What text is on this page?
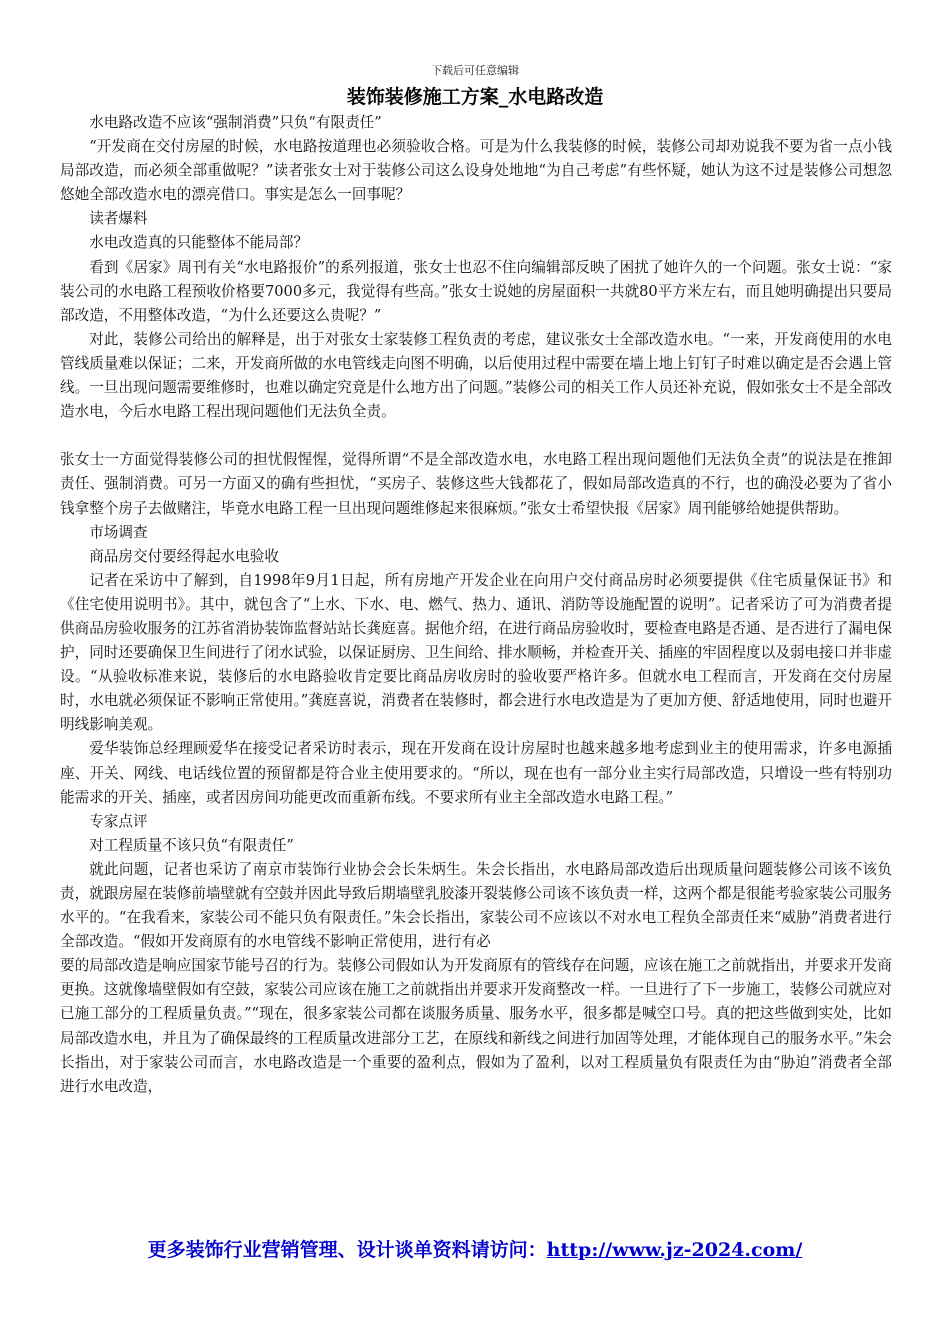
下载后可任意编辑
装饰装修施工方案_水电路改造

水电路改造不应该“强制消费”只负“有限责任”

“开发商在交付房屋的时候，水电路按道理也必须验收合格。可是为什么我装修的时候，装修公司却劝说我不要为省一点小钱局部改造，而必须全部重做呢？”读者张女士对于装修公司这么设身处地地“为自己考虑”有些怀疑，她认为这不过是装修公司想忽悠她全部改造水电的漂亮借口。事实是怎么一回事呢？

读者爆料

水电改造真的只能整体不能局部？

看到《居家》周刊有关“水电路报价”的系列报道，张女士也忍不住向编辑部反映了困扰了她许久的一个问题。张女士说：“家装公司的水电路工程预收价格要7000多元，我觉得有些高。”张女士说她的房屋面积一共就80平方米左右，而且她明确提出只要局部改造，不用整体改造，“为什么还要这么贵呢？”

对此，装修公司给出的解释是，出于对张女士家装修工程负责的考虑，建议张女士全部改造水电。“一来，开发商使用的水电管线质量难以保证；二来，开发商所做的水电管线走向图不明确，以后使用过程中需要在墙上地上钉钉子时难以确定是否会遇上管线。一旦出现问题需要维修时，也难以确定究竟是什么地方出了问题。”装修公司的相关工作人员还补充说，假如张女士不是全部改造水电，今后水电路工程出现问题他们无法负全责。

张女士一方面觉得装修公司的担忧假惺惺，觉得所谓“不是全部改造水电，水电路工程出现问题他们无法负全责”的说法是在推卸责任、强制消费。可另一方面又的确有些担忧，“买房子、装修这些大钱都花了，假如局部改造真的不行，也的确没必要为了省小钱拿整个房子去做赌注，毕竟水电路工程一旦出现问题维修起来很麻烦。”张女士希望快报《居家》周刊能够给她提供帮助。

市场调查

商品房交付要经得起水电验收

记者在采访中了解到，自1998年9月1日起，所有房地产开发企业在向用户交付商品房时必须要提供《住宅质量保证书》和《住宅使用说明书》。其中，就包含了“上水、下水、电、燃气、热力、通讯、消防等设施配置的说明”。记者采访了可为消费者提供商品房验收服务的江苏省消协装饰监督站站长龚庭喜。据他介绍，在进行商品房验收时，要检查电路是否通、是否进行了漏电保护，同时还要确保卫生间进行了闭水试验，以保证厨房、卫生间给、排水顺畅，并检查开关、插座的牢固程度以及弱电接口并非虚设。“从验收标准来说，装修后的水电路验收肯定要比商品房收房时的验收要严格许多。但就水电工程而言，开发商在交付房屋时，水电就必须保证不影响正常使用。”龚庭喜说，消费者在装修时，都会进行水电改造是为了更加方便、舒适地使用，同时也避开明线影响美观。

爱华装饰总经理顾爱华在接受记者采访时表示，现在开发商在设计房屋时也越来越多地考虑到业主的使用需求，许多电源插座、开关、网线、电话线位置的预留都是符合业主使用要求的。“所以，现在也有一部分业主实行局部改造，只增设一些有特别功能需求的开关、插座，或者因房间功能更改而重新布线。不要求所有业主全部改造水电路工程。”

专家点评

对工程质量不该只负“有限责任”

就此问题，记者也采访了南京市装饰行业协会会长朱炳生。朱会长指出，水电路局部改造后出现质量问题装修公司该不该负责，就跟房屋在装修前墙壁就有空鼓并因此导致后期墙壁乳胶漆开裂装修公司该不该负责一样，这两个都是很能考验家装公司服务水平的。“在我看来，家装公司不能只负有限责任。”朱会长指出，家装公司不应该以不对水电工程负全部责任来“威胁”消费者进行全部改造。“假如开发商原有的水电管线不影响正常使用，进行有必

要的局部改造是响应国家节能号召的行为。装修公司假如认为开发商原有的管线存在问题，应该在施工之前就指出，并要求开发商更换。这就像墙壁假如有空鼓，家装公司应该在施工之前就指出并要求开发商整改一样。一旦进行了下一步施工，装修公司就应对已施工部分的工程质量负责。”“现在，很多家装公司都在谈服务质量、服务水平，很多都是喊空口号。真的把这些做到实处，比如局部改造水电，并且为了确保最终的工程质量改进部分工艺，在原线和新线之间进行加固等处理，才能体现自己的服务水平。”朱会长指出，对于家装公司而言，水电路改造是一个重要的盈利点，假如为了盈利，以对工程质量负有限责任为由“胁迫”消费者全部进行水电改造，

更多装饰行业营销管理、设计谈单资料请访问：http://www.jz-2024.com/
